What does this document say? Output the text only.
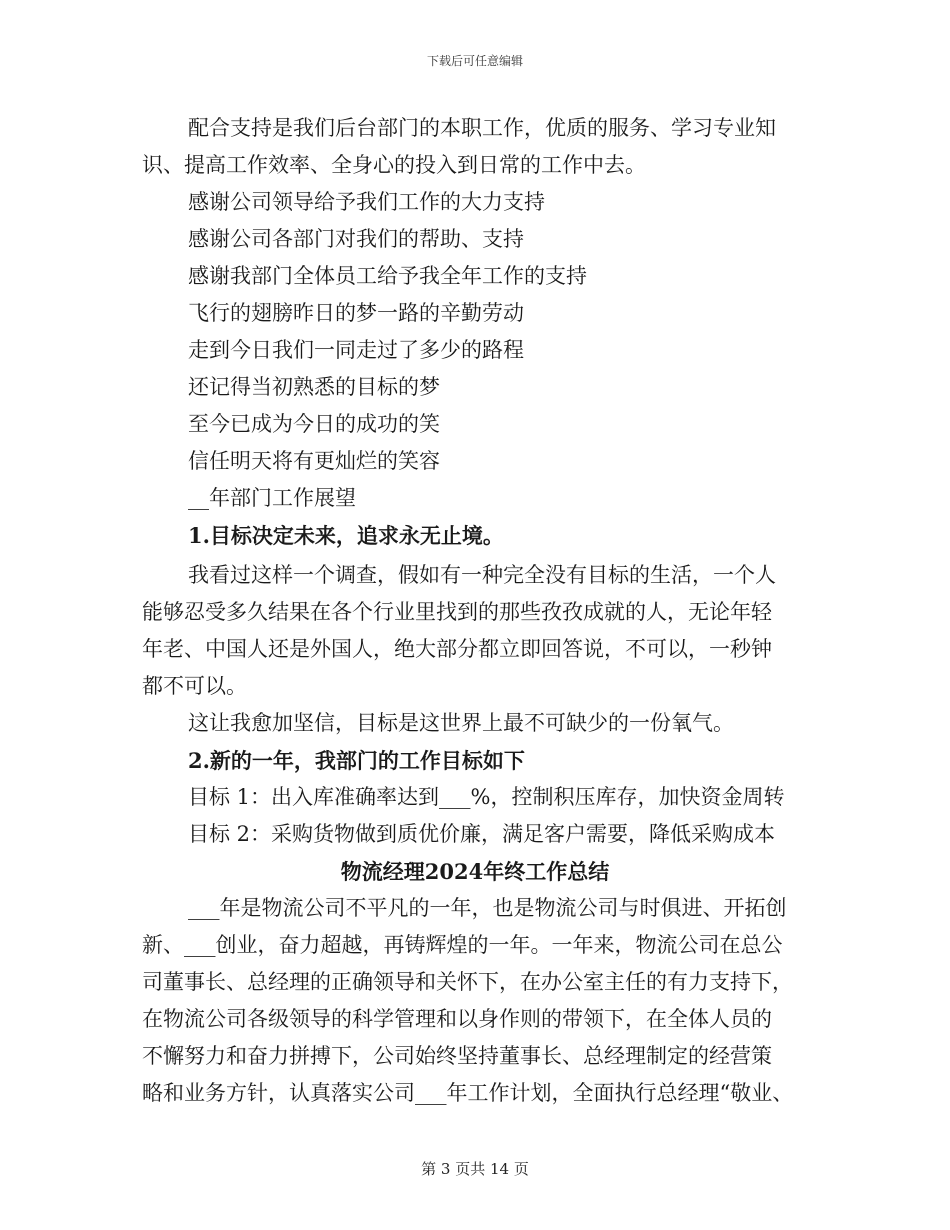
下载后可任意编辑
配合支持是我们后台部门的本职工作，优质的服务、学习专业知
识、提高工作效率、全身心的投入到日常的工作中去。
感谢公司领导给予我们工作的大力支持
感谢公司各部门对我们的帮助、支持
感谢我部门全体员工给予我全年工作的支持
飞行的翅膀昨日的梦一路的辛勤劳动
走到今日我们一同走过了多少的路程
还记得当初熟悉的目标的梦
至今已成为今日的成功的笑
信任明天将有更灿烂的笑容
__年部门工作展望
1.目标决定未来，追求永无止境。
我看过这样一个调查，假如有一种完全没有目标的生活，一个人
能够忍受多久结果在各个行业里找到的那些孜孜成就的人，无论年轻
年老、中国人还是外国人，绝大部分都立即回答说，不可以，一秒钟
都不可以。
这让我愈加坚信，目标是这世界上最不可缺少的一份氧气。
2.新的一年，我部门的工作目标如下
目标 1：出入库准确率达到___%，控制积压库存，加快资金周转
目标 2：采购货物做到质优价廉，满足客户需要，降低采购成本
物流经理2024年终工作总结
___年是物流公司不平凡的一年，也是物流公司与时俱进、开拓创
新、___创业，奋力超越，再铸辉煌的一年。一年来，物流公司在总公
司董事长、总经理的正确领导和关怀下，在办公室主任的有力支持下，
在物流公司各级领导的科学管理和以身作则的带领下，在全体人员的
不懈努力和奋力拼搏下，公司始终坚持董事长、总经理制定的经营策
略和业务方针，认真落实公司___年工作计划，全面执行总经理“敬业、
第 3 页共 14 页
